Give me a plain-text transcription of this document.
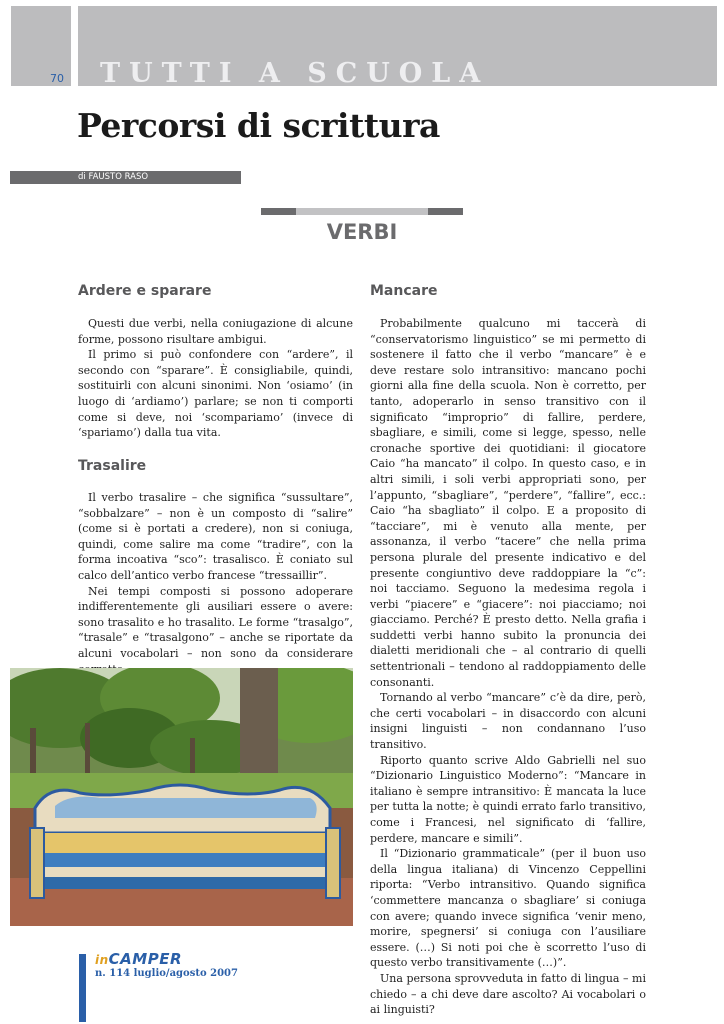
70 TUTTI A SCUOLA
Percorsi di scrittura
di FAUSTO RASO
VERBI
Ardere e sparare

Questi due verbi, nella coniugazione di alcune forme, possono risultare ambigui.

Il primo si può confondere con “ardere”, il secondo con “sparare”. È consigliabile, quindi, sostituirli con alcuni sinonimi. Non ‘osiamo’ (in luogo di ‘ardiamo’) parlare; se non ti comporti come si deve, noi ‘scompariamo’ (invece di ‘spariamo’) dalla tua vita.

Trasalire

Il verbo trasalire – che significa “sussultare”, “sobbalzare” – non è un composto di “salire” (come si è portati a credere), non si coniuga, quindi, come salire ma come “tradire”, con la forma incoativa “sco”: trasalisco. È coniato sul calco dell’antico verbo francese “tressaillir”.

Nei tempi composti si possono adoperare indifferentemente gli ausiliari essere o avere: sono trasalito e ho trasalito. Le forme “trasalgo”, “trasale” e “trasalgono” – anche se riportate da alcuni vocabolari – non sono da considerare

Mancare

Probabilmente qualcuno mi taccerà di “conservatorismo linguistico” se mi permetto di sostenere il fatto che il verbo “mancare” è e deve restare solo intransitivo: mancano pochi giorni alla fine della scuola. Non è corretto, per tanto, adoperarlo in senso transitivo con il significato “improprio” di fallire, perdere, sbagliare, e simili, come si legge, spesso, nelle cronache sportive dei quotidiani: il giocatore Caio “ha mancato” il colpo. In questo caso, e in altri simili, i soli verbi appropriati sono, per l’appunto, “sbagliare”, “perdere”, “fallire”, ecc.: Caio “ha sbagliato” il colpo. E a proposito di “tacciare”, mi è venuto alla mente, per assonanza, il verbo “tacere” che nella prima persona plurale del presente indicativo e del presente congiuntivo deve raddoppiare la “c”: noi tacciamo. Seguono la medesima regola i verbi “piacere” e “giacere”: noi piacciamo; noi giacciamo. Perché? È presto detto. Nella grafia i suddetti verbi hanno subito la pronuncia dei dialetti meridionali che – al contrario di quelli settentrionali – tendono al raddoppiamento delle consonanti.

Tornando al verbo “mancare” c’è da dire, però, che certi vocabolari – in disaccordo con alcuni insigni linguisti – non condannano l’uso transitivo.

Riporto quanto scrive Aldo Gabrielli nel suo “Dizionario Linguistico Moderno”: “Mancare in italiano è sempre intransitivo: È mancata la luce per tutta la notte; è quindi errato farlo transitivo, come i Francesi, nel significato di ‘fallire, perdere, mancare e simili”.

Il “Dizionario grammaticale” (per il buon uso della lingua italiana) di Vincenzo Ceppellini riporta: “Verbo intransitivo. Quando significa ‘commettere mancanza o sbagliare’ si coniuga con avere; quando invece significa ‘venir meno, morire, spegnersi’ si coniuga con l’ausiliare essere. (…) Si noti poi che è scorretto l’uso di questo verbo transitivamente (…)”.

Una persona sprovveduta in fatto di lingua – mi chiedo – a chi deve dare ascolto? Ai vocabolari o ai linguisti?

inCAMPER
n. 114 luglio/agosto 2007
